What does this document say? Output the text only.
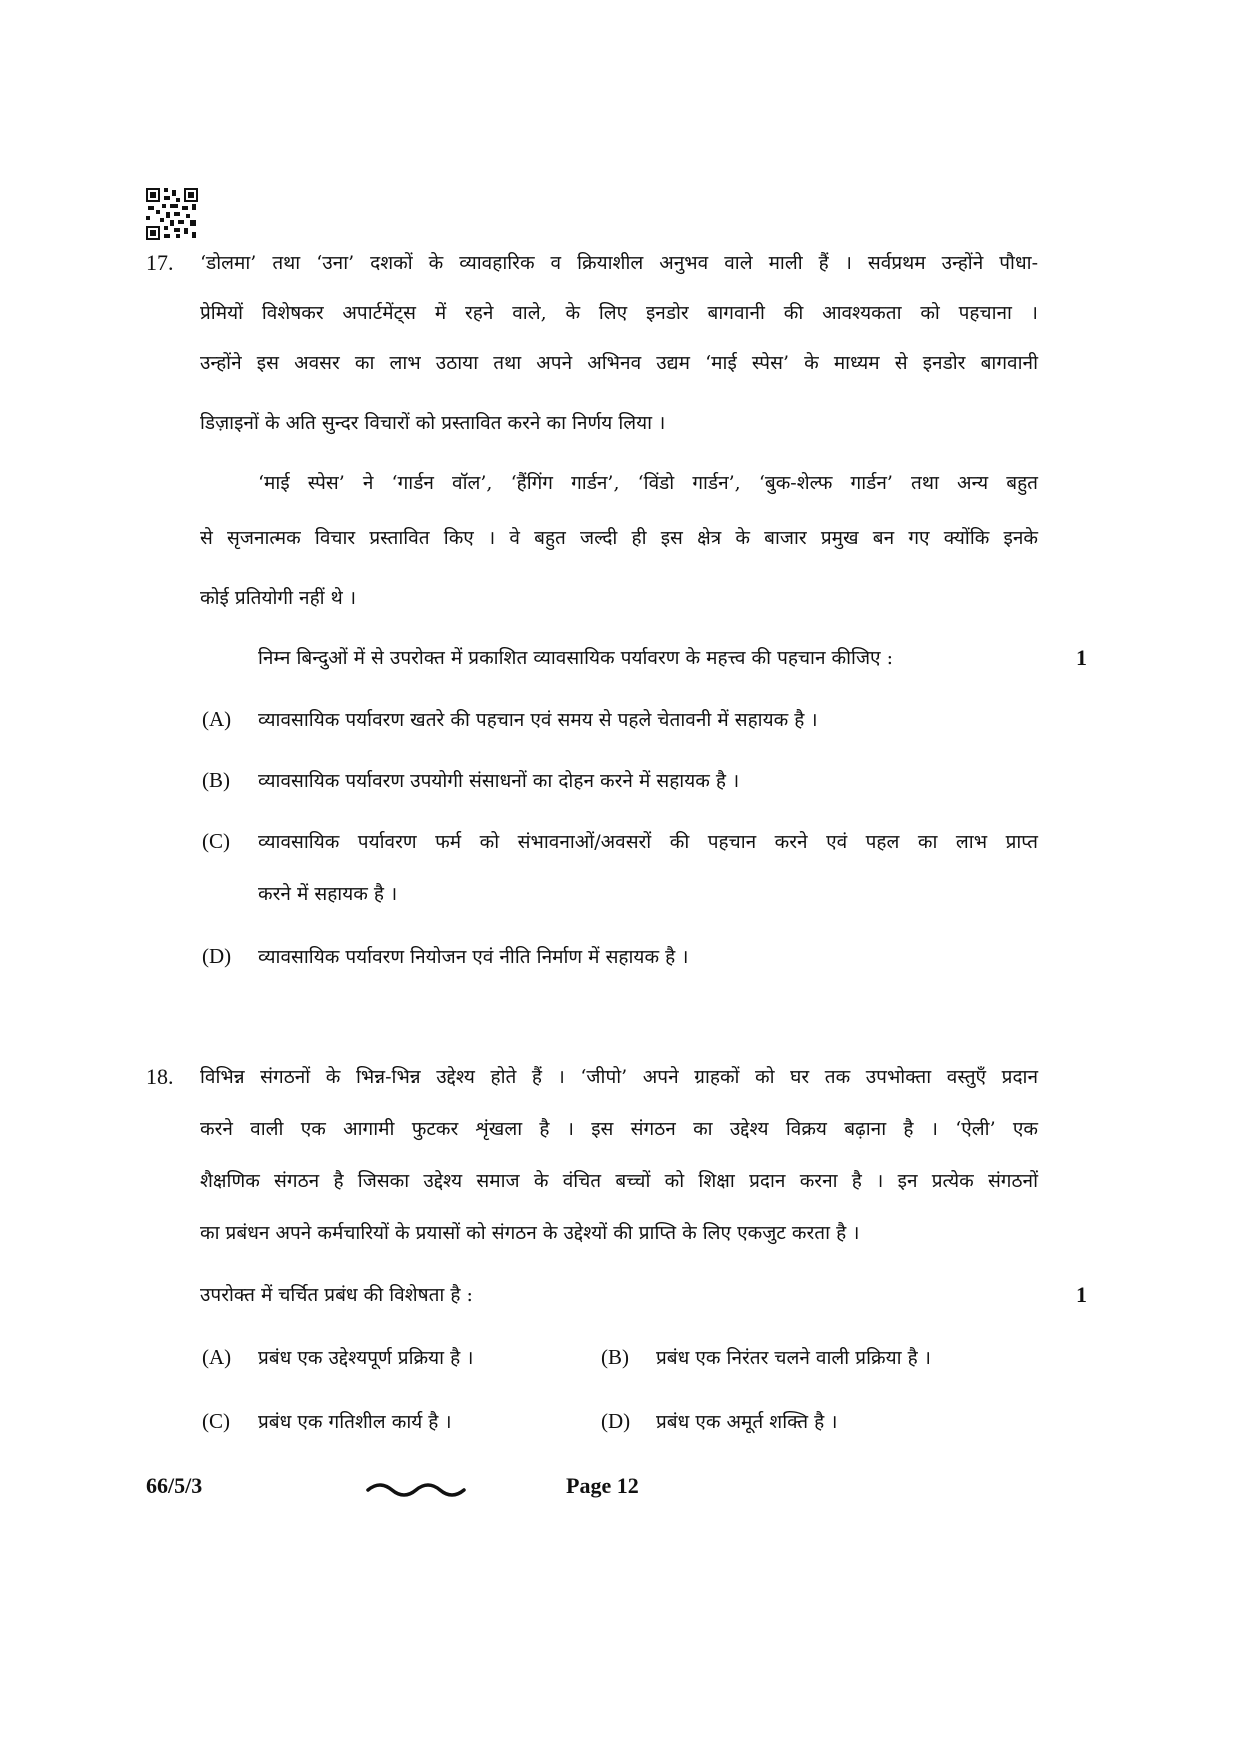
17. ‘डोलमा’ तथा ‘उना’ दशकों के व्यावहारिक व क्रियाशील अनुभव वाले माली हैं । सर्वप्रथम उन्होंने पौधा-
प्रेमियों विशेषकर अपार्टमेंट्स में रहने वाले, के लिए इनडोर बागवानी की आवश्यकता को पहचाना ।
उन्होंने इस अवसर का लाभ उठाया तथा अपने अभिनव उद्यम ‘माई स्पेस’ के माध्यम से इनडोर बागवानी
डिज़ाइनों के अति सुन्दर विचारों को प्रस्तावित करने का निर्णय लिया ।
‘माई स्पेस’ ने ‘गार्डन वॉल’, ‘हैंगिंग गार्डन’, ‘विंडो गार्डन’, ‘बुक-शेल्फ गार्डन’ तथा अन्य बहुत
से सृजनात्मक विचार प्रस्तावित किए । वे बहुत जल्दी ही इस क्षेत्र के बाजार प्रमुख बन गए क्योंकि इनके
कोई प्रतियोगी नहीं थे ।
निम्न बिन्दुओं में से उपरोक्त में प्रकाशित व्यावसायिक पर्यावरण के महत्त्व की पहचान कीजिए :	1
(A) व्यावसायिक पर्यावरण खतरे की पहचान एवं समय से पहले चेतावनी में सहायक है ।
(B) व्यावसायिक पर्यावरण उपयोगी संसाधनों का दोहन करने में सहायक है ।
(C) व्यावसायिक पर्यावरण फर्म को संभावनाओं/अवसरों की पहचान करने एवं पहल का लाभ प्राप्त
करने में सहायक है ।
(D) व्यावसायिक पर्यावरण नियोजन एवं नीति निर्माण में सहायक है ।
18. विभिन्न संगठनों के भिन्न-भिन्न उद्देश्य होते हैं । ‘जीपो’ अपने ग्राहकों को घर तक उपभोक्ता वस्तुएँ प्रदान
करने वाली एक आगामी फुटकर शृंखला है । इस संगठन का उद्देश्य विक्रय बढ़ाना है । ‘ऐली’ एक
शैक्षणिक संगठन है जिसका उद्देश्य समाज के वंचित बच्चों को शिक्षा प्रदान करना है । इन प्रत्येक संगठनों
का प्रबंधन अपने कर्मचारियों के प्रयासों को संगठन के उद्देश्यों की प्राप्ति के लिए एकजुट करता है ।
उपरोक्त में चर्चित प्रबंध की विशेषता है :	1
(A) प्रबंध एक उद्देश्यपूर्ण प्रक्रिया है ।	(B) प्रबंध एक निरंतर चलने वाली प्रक्रिया है ।
(C) प्रबंध एक गतिशील कार्य है ।	(D) प्रबंध एक अमूर्त शक्ति है ।
66/5/3	Page 12
